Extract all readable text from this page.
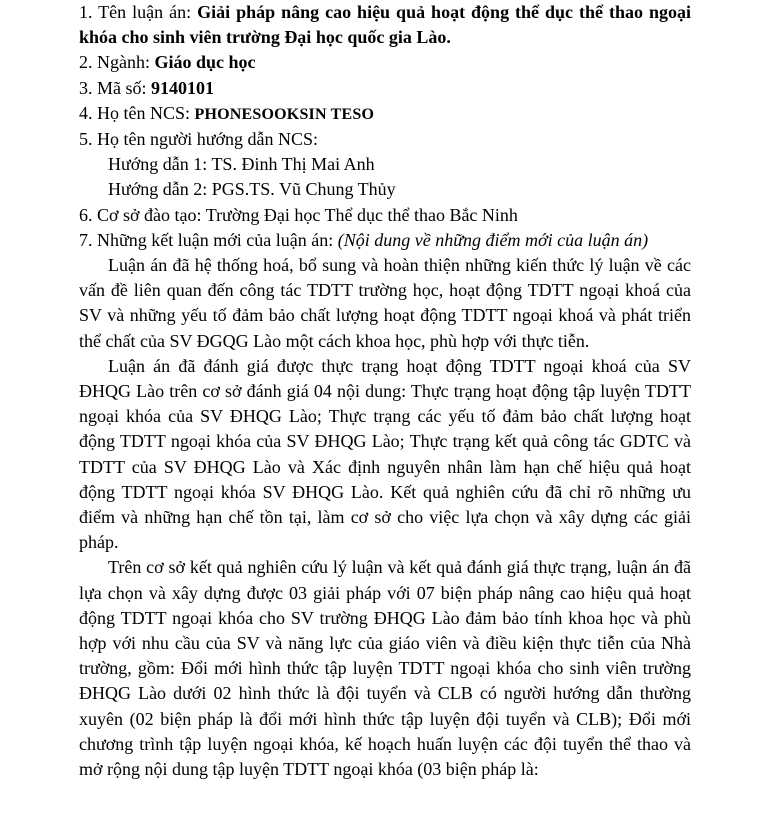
1. Tên luận án: Giải pháp nâng cao hiệu quả hoạt động thể dục thể thao ngoại khóa cho sinh viên trường Đại học quốc gia Lào.
2. Ngành: Giáo dục học
3. Mã số: 9140101
4. Họ tên NCS: PHONESOOKSIN TESO
5. Họ tên người hướng dẫn NCS:
Hướng dẫn 1: TS. Đinh Thị Mai Anh
Hướng dẫn 2: PGS.TS. Vũ Chung Thủy
6. Cơ sở đào tạo: Trường Đại học Thể dục thể thao Bắc Ninh
7. Những kết luận mới của luận án: (Nội dung về những điểm mới của luận án)

Luận án đã hệ thống hoá, bổ sung và hoàn thiện những kiến thức lý luận về các vấn đề liên quan đến công tác TDTT trường học, hoạt động TDTT ngoại khoá của SV và những yếu tố đảm bảo chất lượng hoạt động TDTT ngoại khoá và phát triển thể chất của SV ĐGQG Lào một cách khoa học, phù hợp với thực tiễn.

Luận án đã đánh giá được thực trạng hoạt động TDTT ngoại khoá của SV ĐHQG Lào trên cơ sở đánh giá 04 nội dung: Thực trạng hoạt động tập luyện TDTT ngoại khóa của SV ĐHQG Lào; Thực trạng các yếu tố đảm bảo chất lượng hoạt động TDTT ngoại khóa của SV ĐHQG Lào; Thực trạng kết quả công tác GDTC và TDTT của SV ĐHQG Lào và Xác định nguyên nhân làm hạn chế hiệu quả hoạt động TDTT ngoại khóa SV ĐHQG Lào. Kết quả nghiên cứu đã chỉ rõ những ưu điểm và những hạn chế tồn tại, làm cơ sở cho việc lựa chọn và xây dựng các giải pháp.

Trên cơ sở kết quả nghiên cứu lý luận và kết quả đánh giá thực trạng, luận án đã lựa chọn và xây dựng được 03 giải pháp với 07 biện pháp nâng cao hiệu quả hoạt động TDTT ngoại khóa cho SV trường ĐHQG Lào đảm bảo tính khoa học và phù hợp với nhu cầu của SV và năng lực của giáo viên và điều kiện thực tiễn của Nhà trường, gồm: Đổi mới hình thức tập luyện TDTT ngoại khóa cho sinh viên trường ĐHQG Lào dưới 02 hình thức là đội tuyển và CLB có người hướng dẫn thường xuyên (02 biện pháp là đổi mới hình thức tập luyện đội tuyển và CLB); Đổi mới chương trình tập luyện ngoại khóa, kế hoạch huấn luyện các đội tuyển thể thao và mở rộng nội dung tập luyện TDTT ngoại khóa (03 biện pháp là:
